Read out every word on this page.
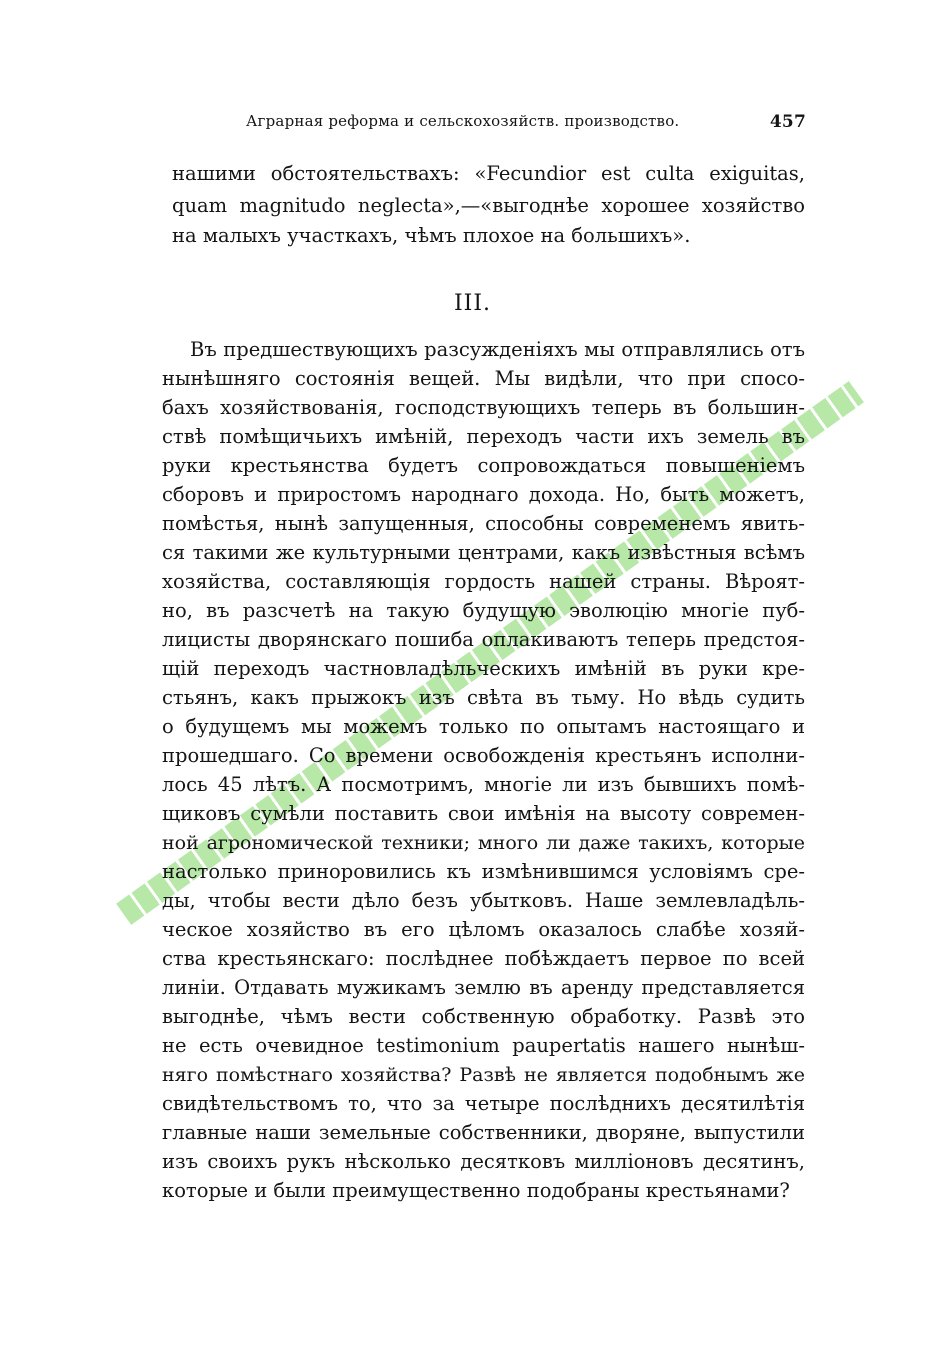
Аграрная реформа и сельскохозяйств. производство.	457
нашими обстоятельствахъ: «Fecundior est culta exiguitas,
quam magnitudo neglecta»,—«выгоднѣе хорошее хозяйство
на малыхъ участкахъ, чѣмъ плохое на большихъ».
III.
Въ предшествующихъ разсужденiяхъ мы отправлялись отъ
нынѣшняго состоянiя вещей. Мы видѣли, что при спосо-
бахъ хозяйствованiя, господствующихъ теперь въ большин-
ствѣ помѣщичьихъ имѣнiй, переходъ части ихъ земель въ
руки крестьянства будетъ сопровождаться повышенiемъ
сборовъ и приростомъ народнаго дохода. Но, быть можетъ,
помѣстья, нынѣ запущенныя, способны современемъ явить-
ся такими же культурными центрами, какъ извѣстныя всѣмъ
хозяйства, составляющiя гордость нашей страны. Вѣроят-
но, въ разсчетѣ на такую будущую эволюцiю многiе пуб-
лицисты дворянскаго пошиба оплакиваютъ теперь предстоя-
щiй переходъ частновладѣльческихъ имѣнiй въ руки кре-
стьянъ, какъ прыжокъ изъ свѣта въ тьму. Но вѣдь судить
о будущемъ мы можемъ только по опытамъ настоящаго и
прошедшаго. Со времени освобожденiя крестьянъ исполни-
лось 45 лѣтъ. А посмотримъ, многiе ли изъ бывшихъ помѣ-
щиковъ сумѣли поставить свои имѣнiя на высоту современ-
ной агрономической техники; много ли даже такихъ, которые
настолько приноровились къ измѣнившимся условiямъ сре-
ды, чтобы вести дѣло безъ убытковъ. Наше землевладѣль-
ческое хозяйство въ его цѣломъ оказалось слабѣе хозяй-
ства крестьянскаго: послѣднее побѣждаетъ первое по всей
линiи. Отдавать мужикамъ землю въ аренду представляется
выгоднѣе, чѣмъ вести собственную обработку. Развѣ это
не есть очевидное testimonium paupertatis нашего нынѣш-
няго помѣстнаго хозяйства? Развѣ не является подобнымъ же
свидѣтельствомъ то, что за четыре послѣднихъ десятилѣтiя
главные наши земельные собственники, дворяне, выпустили
изъ своихъ рукъ нѣсколько десятковъ миллiоновъ десятинъ,
которые и были преимущественно подобраны крестьянами?
